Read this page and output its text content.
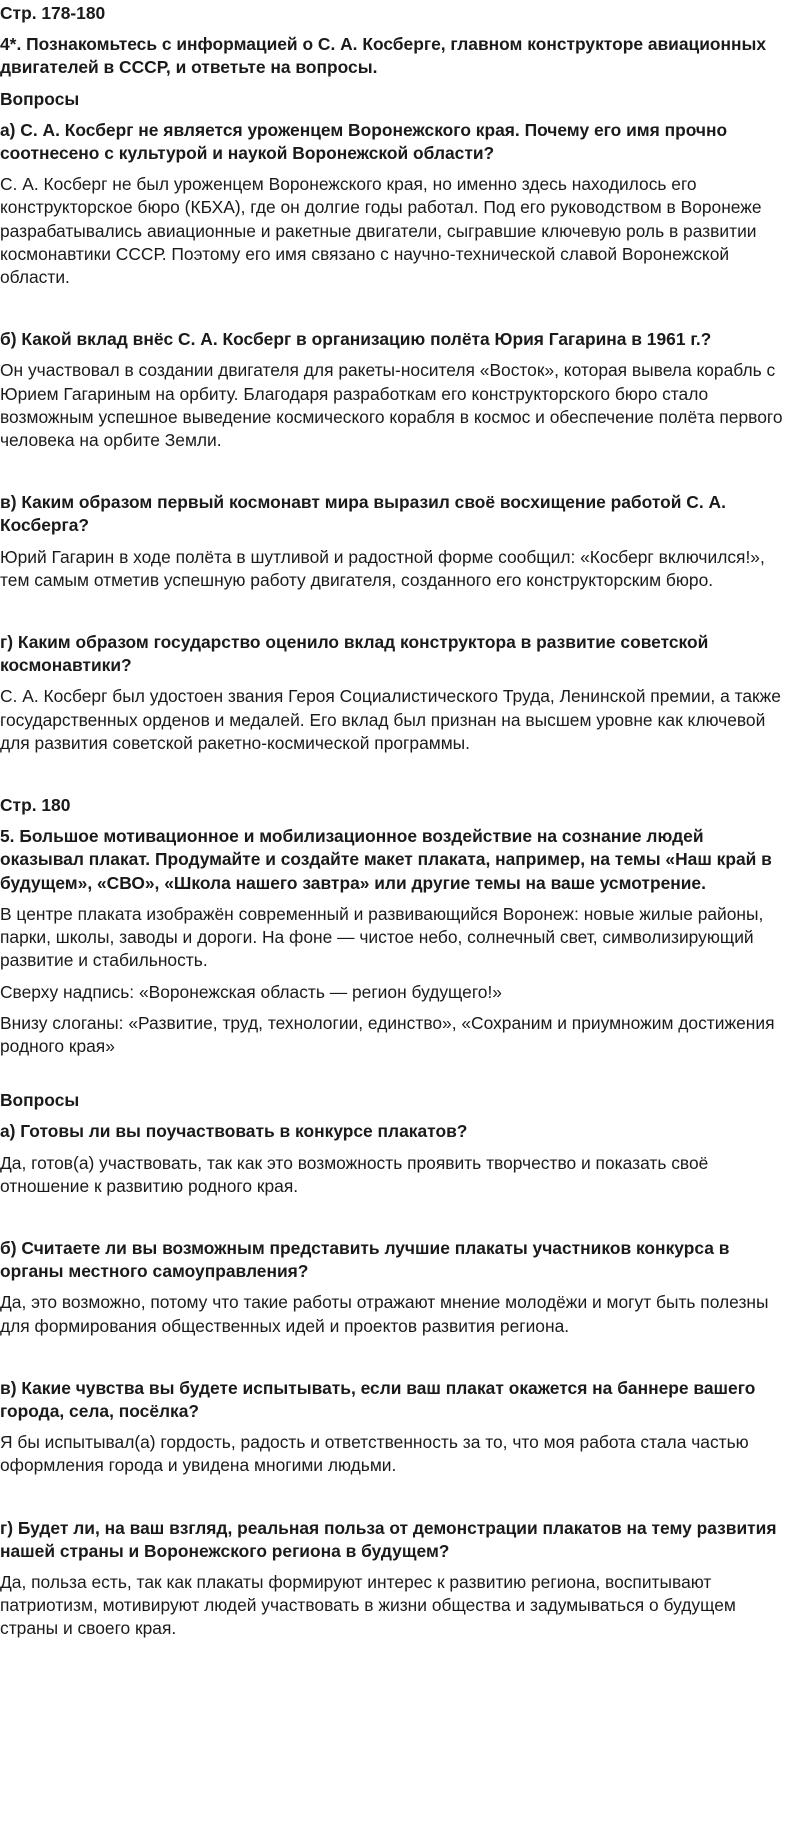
Стр. 178-180
4*. Познакомьтесь с информацией о С. А. Косберге, главном конструкторе авиационных двигателей в СССР, и ответьте на вопросы.
Вопросы
а) С. А. Косберг не является уроженцем Воронежского края. Почему его имя прочно соотнесено с культурой и наукой Воронежской области?
С. А. Косберг не был уроженцем Воронежского края, но именно здесь находилось его конструкторское бюро (КБХА), где он долгие годы работал. Под его руководством в Воронеже разрабатывались авиационные и ракетные двигатели, сыгравшие ключевую роль в развитии космонавтики СССР. Поэтому его имя связано с научно-технической славой Воронежской области.
б) Какой вклад внёс С. А. Косберг в организацию полёта Юрия Гагарина в 1961 г.?
Он участвовал в создании двигателя для ракеты-носителя «Восток», которая вывела корабль с Юрием Гагариным на орбиту. Благодаря разработкам его конструкторского бюро стало возможным успешное выведение космического корабля в космос и обеспечение полёта первого человека на орбите Земли.
в) Каким образом первый космонавт мира выразил своё восхищение работой С. А. Косберга?
Юрий Гагарин в ходе полёта в шутливой и радостной форме сообщил: «Косберг включился!», тем самым отметив успешную работу двигателя, созданного его конструкторским бюро.
г) Каким образом государство оценило вклад конструктора в развитие советской космонавтики?
С. А. Косберг был удостоен звания Героя Социалистического Труда, Ленинской премии, а также государственных орденов и медалей. Его вклад был признан на высшем уровне как ключевой для развития советской ракетно-космической программы.
Стр. 180
5. Большое мотивационное и мобилизационное воздействие на сознание людей оказывал плакат. Продумайте и создайте макет плаката, например, на темы «Наш край в будущем», «СВО», «Школа нашего завтра» или другие темы на ваше усмотрение.
В центре плаката изображён современный и развивающийся Воронеж: новые жилые районы, парки, школы, заводы и дороги. На фоне — чистое небо, солнечный свет, символизирующий развитие и стабильность.
Сверху надпись: «Воронежская область — регион будущего!»
Внизу слоганы: «Развитие, труд, технологии, единство», «Сохраним и приумножим достижения родного края»
Вопросы
а) Готовы ли вы поучаствовать в конкурсе плакатов?
Да, готов(а) участвовать, так как это возможность проявить творчество и показать своё отношение к развитию родного края.
б) Считаете ли вы возможным представить лучшие плакаты участников конкурса в органы местного самоуправления?
Да, это возможно, потому что такие работы отражают мнение молодёжи и могут быть полезны для формирования общественных идей и проектов развития региона.
в) Какие чувства вы будете испытывать, если ваш плакат окажется на баннере вашего города, села, посёлка?
Я бы испытывал(а) гордость, радость и ответственность за то, что моя работа стала частью оформления города и увидена многими людьми.
г) Будет ли, на ваш взгляд, реальная польза от демонстрации плакатов на тему развития нашей страны и Воронежского региона в будущем?
Да, польза есть, так как плакаты формируют интерес к развитию региона, воспитывают патриотизм, мотивируют людей участвовать в жизни общества и задумываться о будущем страны и своего края.
